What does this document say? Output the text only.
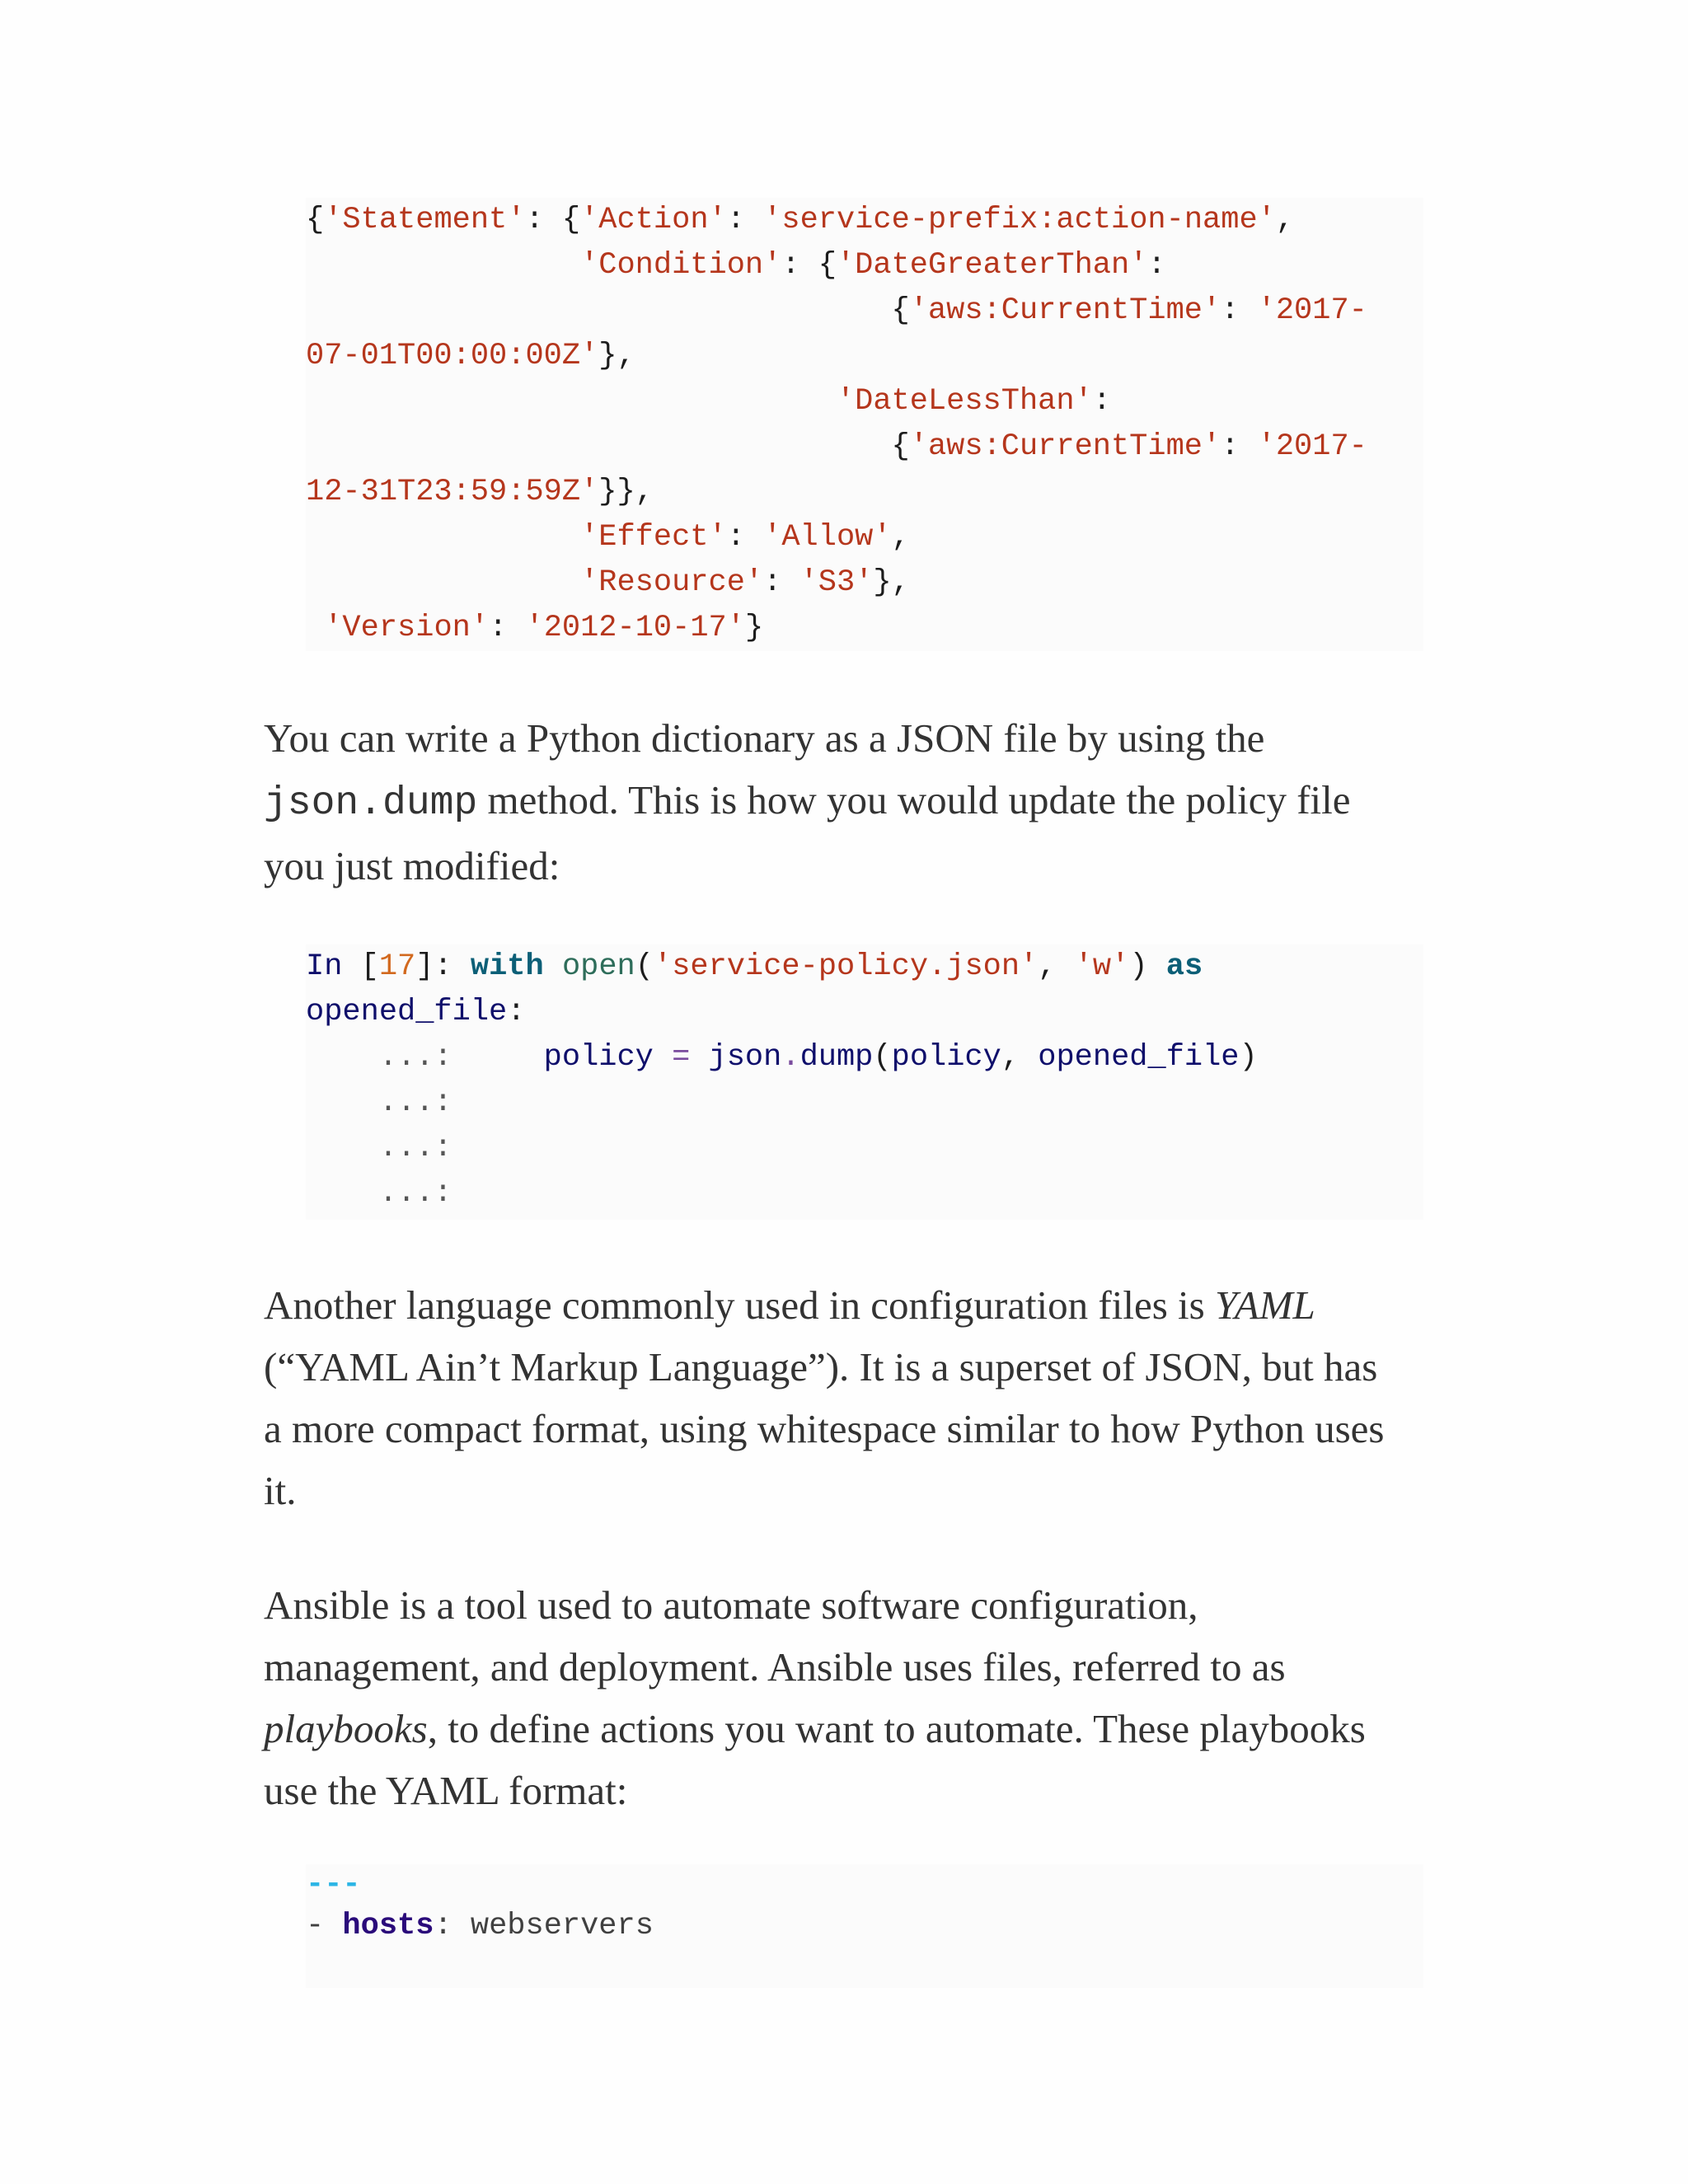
{'Statement': {'Action': 'service-prefix:action-name',
'Condition': {'DateGreaterThan':
{'aws:CurrentTime': '2017-
07-01T00:00:00Z'},
'DateLessThan':
{'aws:CurrentTime': '2017-
12-31T23:59:59Z'}},
'Effect': 'Allow',
'Resource': 'S3'},
'Version': '2012-10-17'}

You can write a Python dictionary as a JSON file by using the
json.dump method. This is how you would update the policy file
you just modified:

In [17]: with open('service-policy.json', 'w') as
opened_file:
...:     policy = json.dump(policy, opened_file)
...:
...:
...:

Another language commonly used in configuration files is YAML
(“YAML Ain’t Markup Language”). It is a superset of JSON, but has
a more compact format, using whitespace similar to how Python uses
it.

Ansible is a tool used to automate software configuration,
management, and deployment. Ansible uses files, referred to as
playbooks, to define actions you want to automate. These playbooks
use the YAML format:

---
- hosts: webservers
